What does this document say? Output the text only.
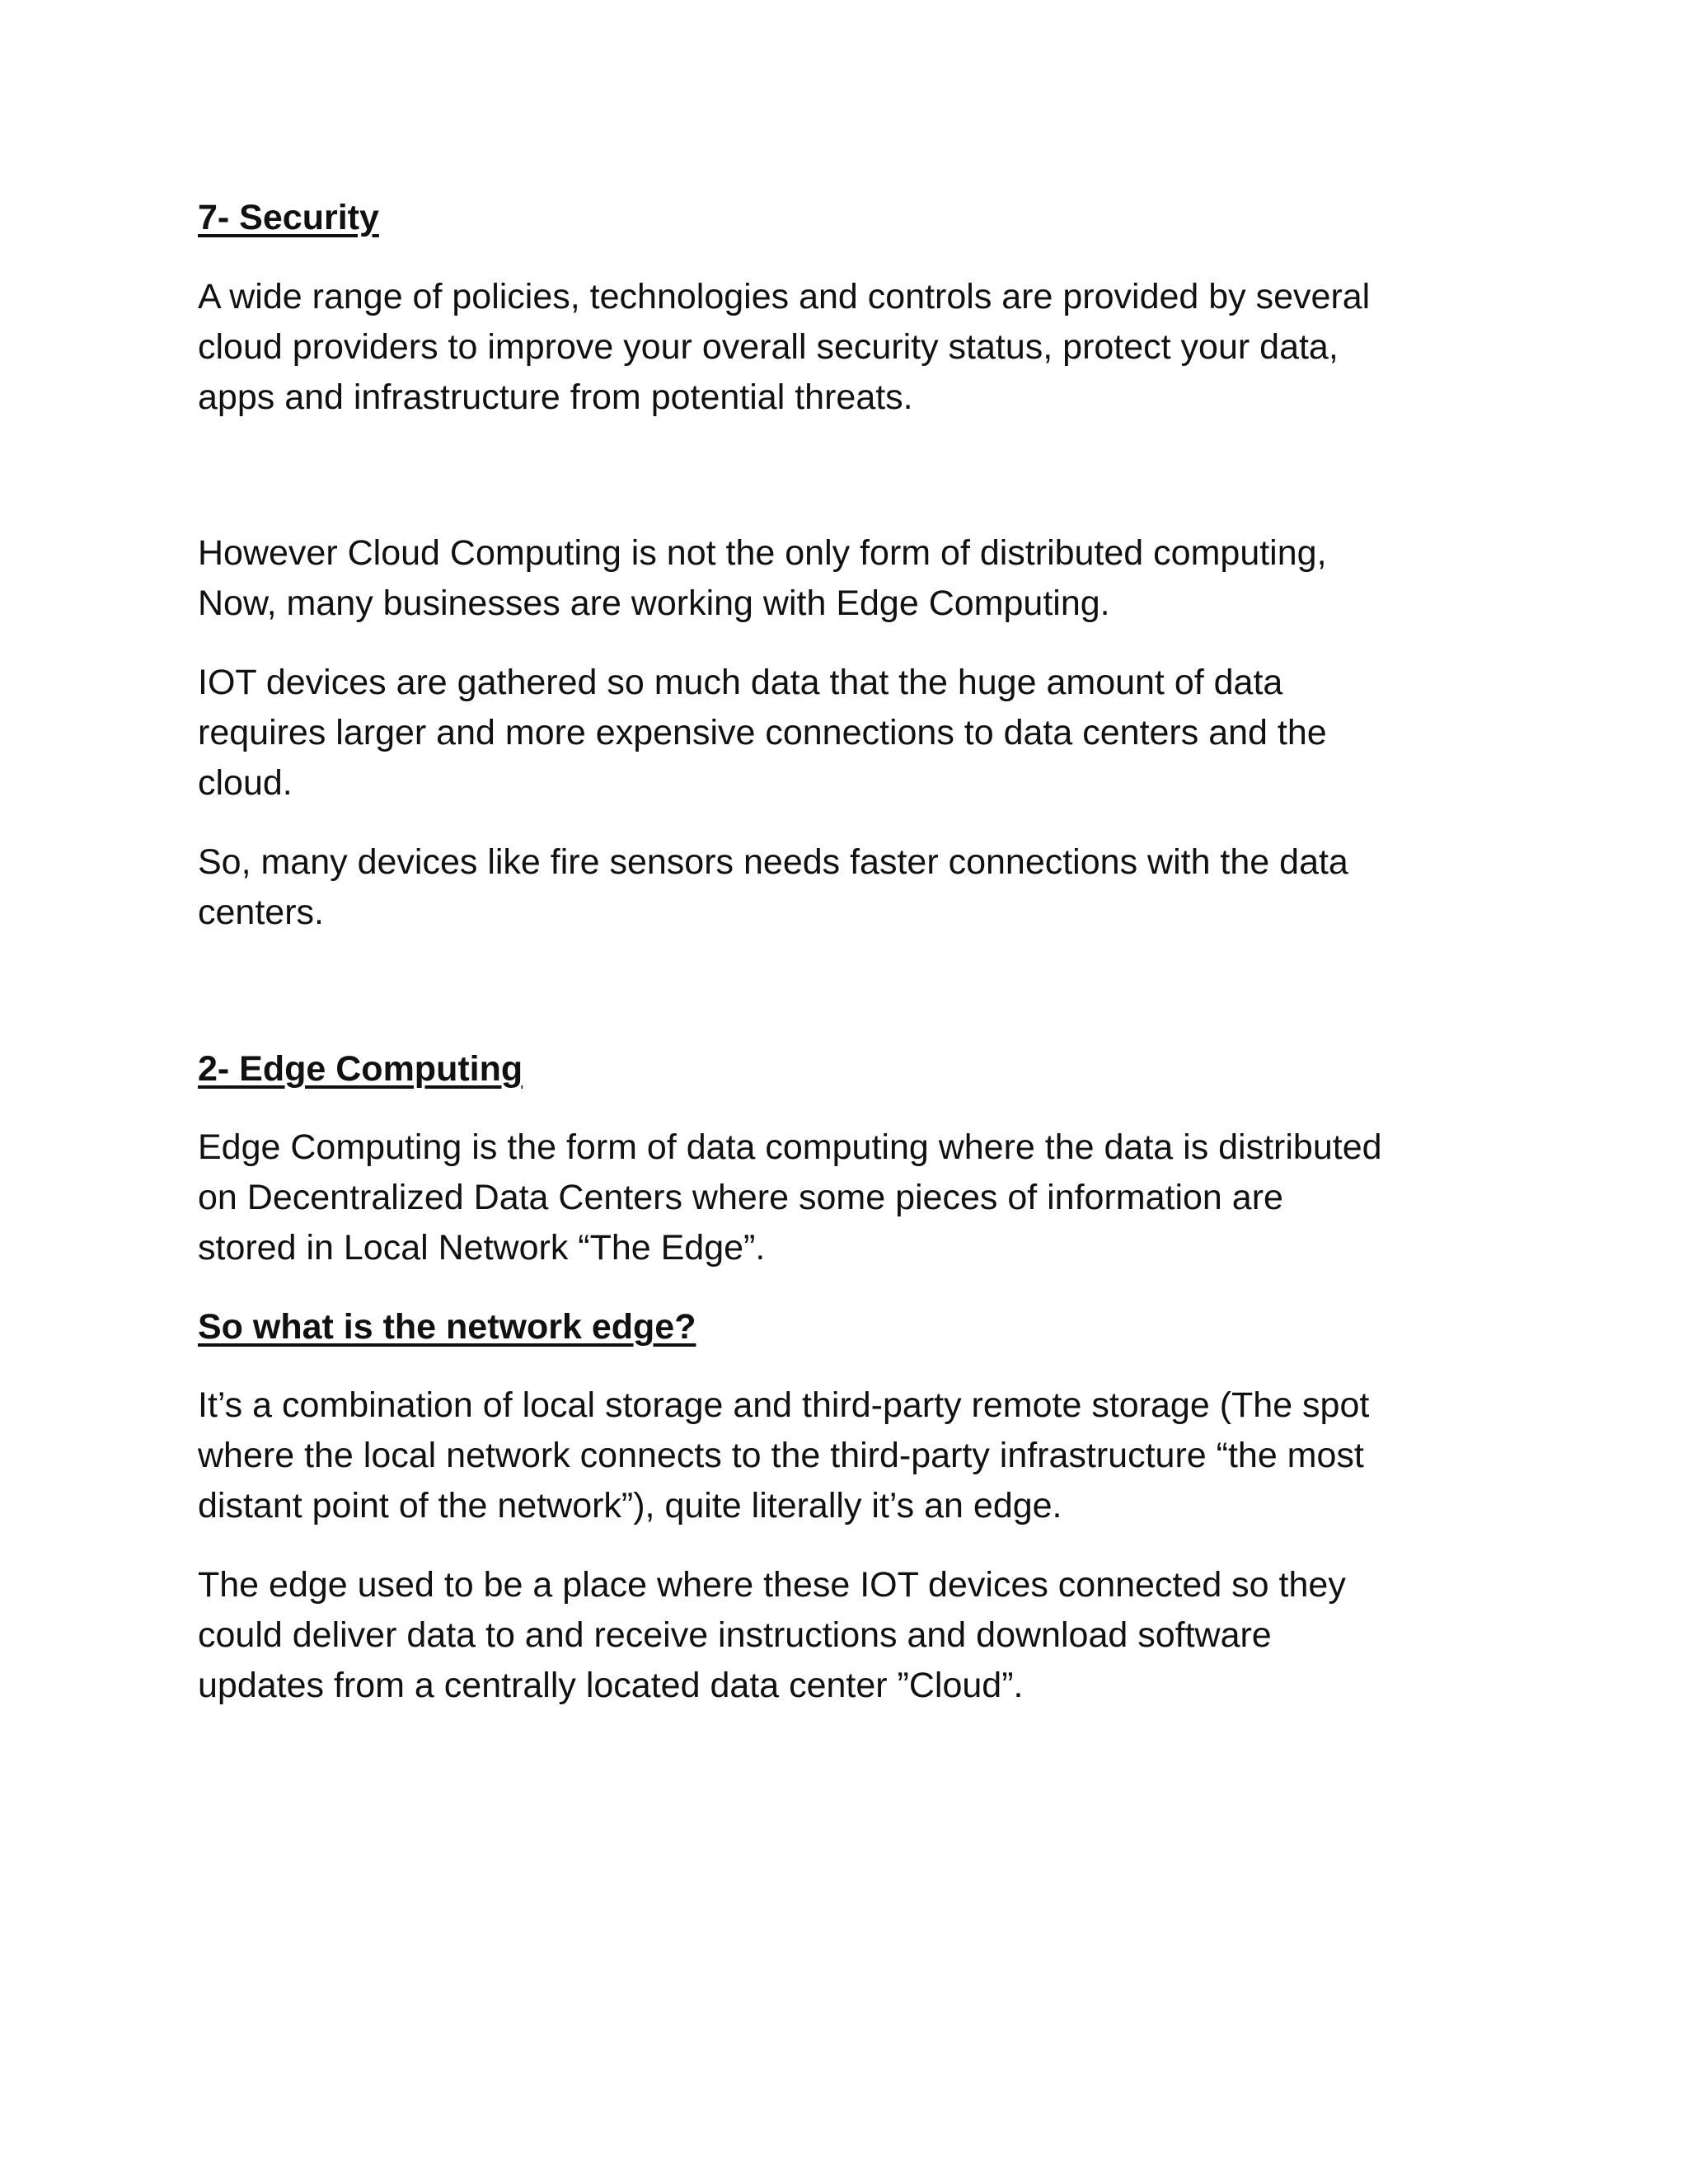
7- Security

A wide range of policies, technologies and controls are provided by several
cloud providers to improve your overall security status, protect your data,
apps and infrastructure from potential threats.

However Cloud Computing is not the only form of distributed computing,
Now, many businesses are working with Edge Computing.

IOT devices are gathered so much data that the huge amount of data
requires larger and more expensive connections to data centers and the
cloud.

So, many devices like fire sensors needs faster connections with the data
centers.

2- Edge Computing

Edge Computing is the form of data computing where the data is distributed
on Decentralized Data Centers where some pieces of information are
stored in Local Network “The Edge”.

So what is the network edge?

It’s a combination of local storage and third-party remote storage (The spot
where the local network connects to the third-party infrastructure “the most
distant point of the network”), quite literally it’s an edge.

The edge used to be a place where these IOT devices connected so they
could deliver data to and receive instructions and download software
updates from a centrally located data center ”Cloud”.
